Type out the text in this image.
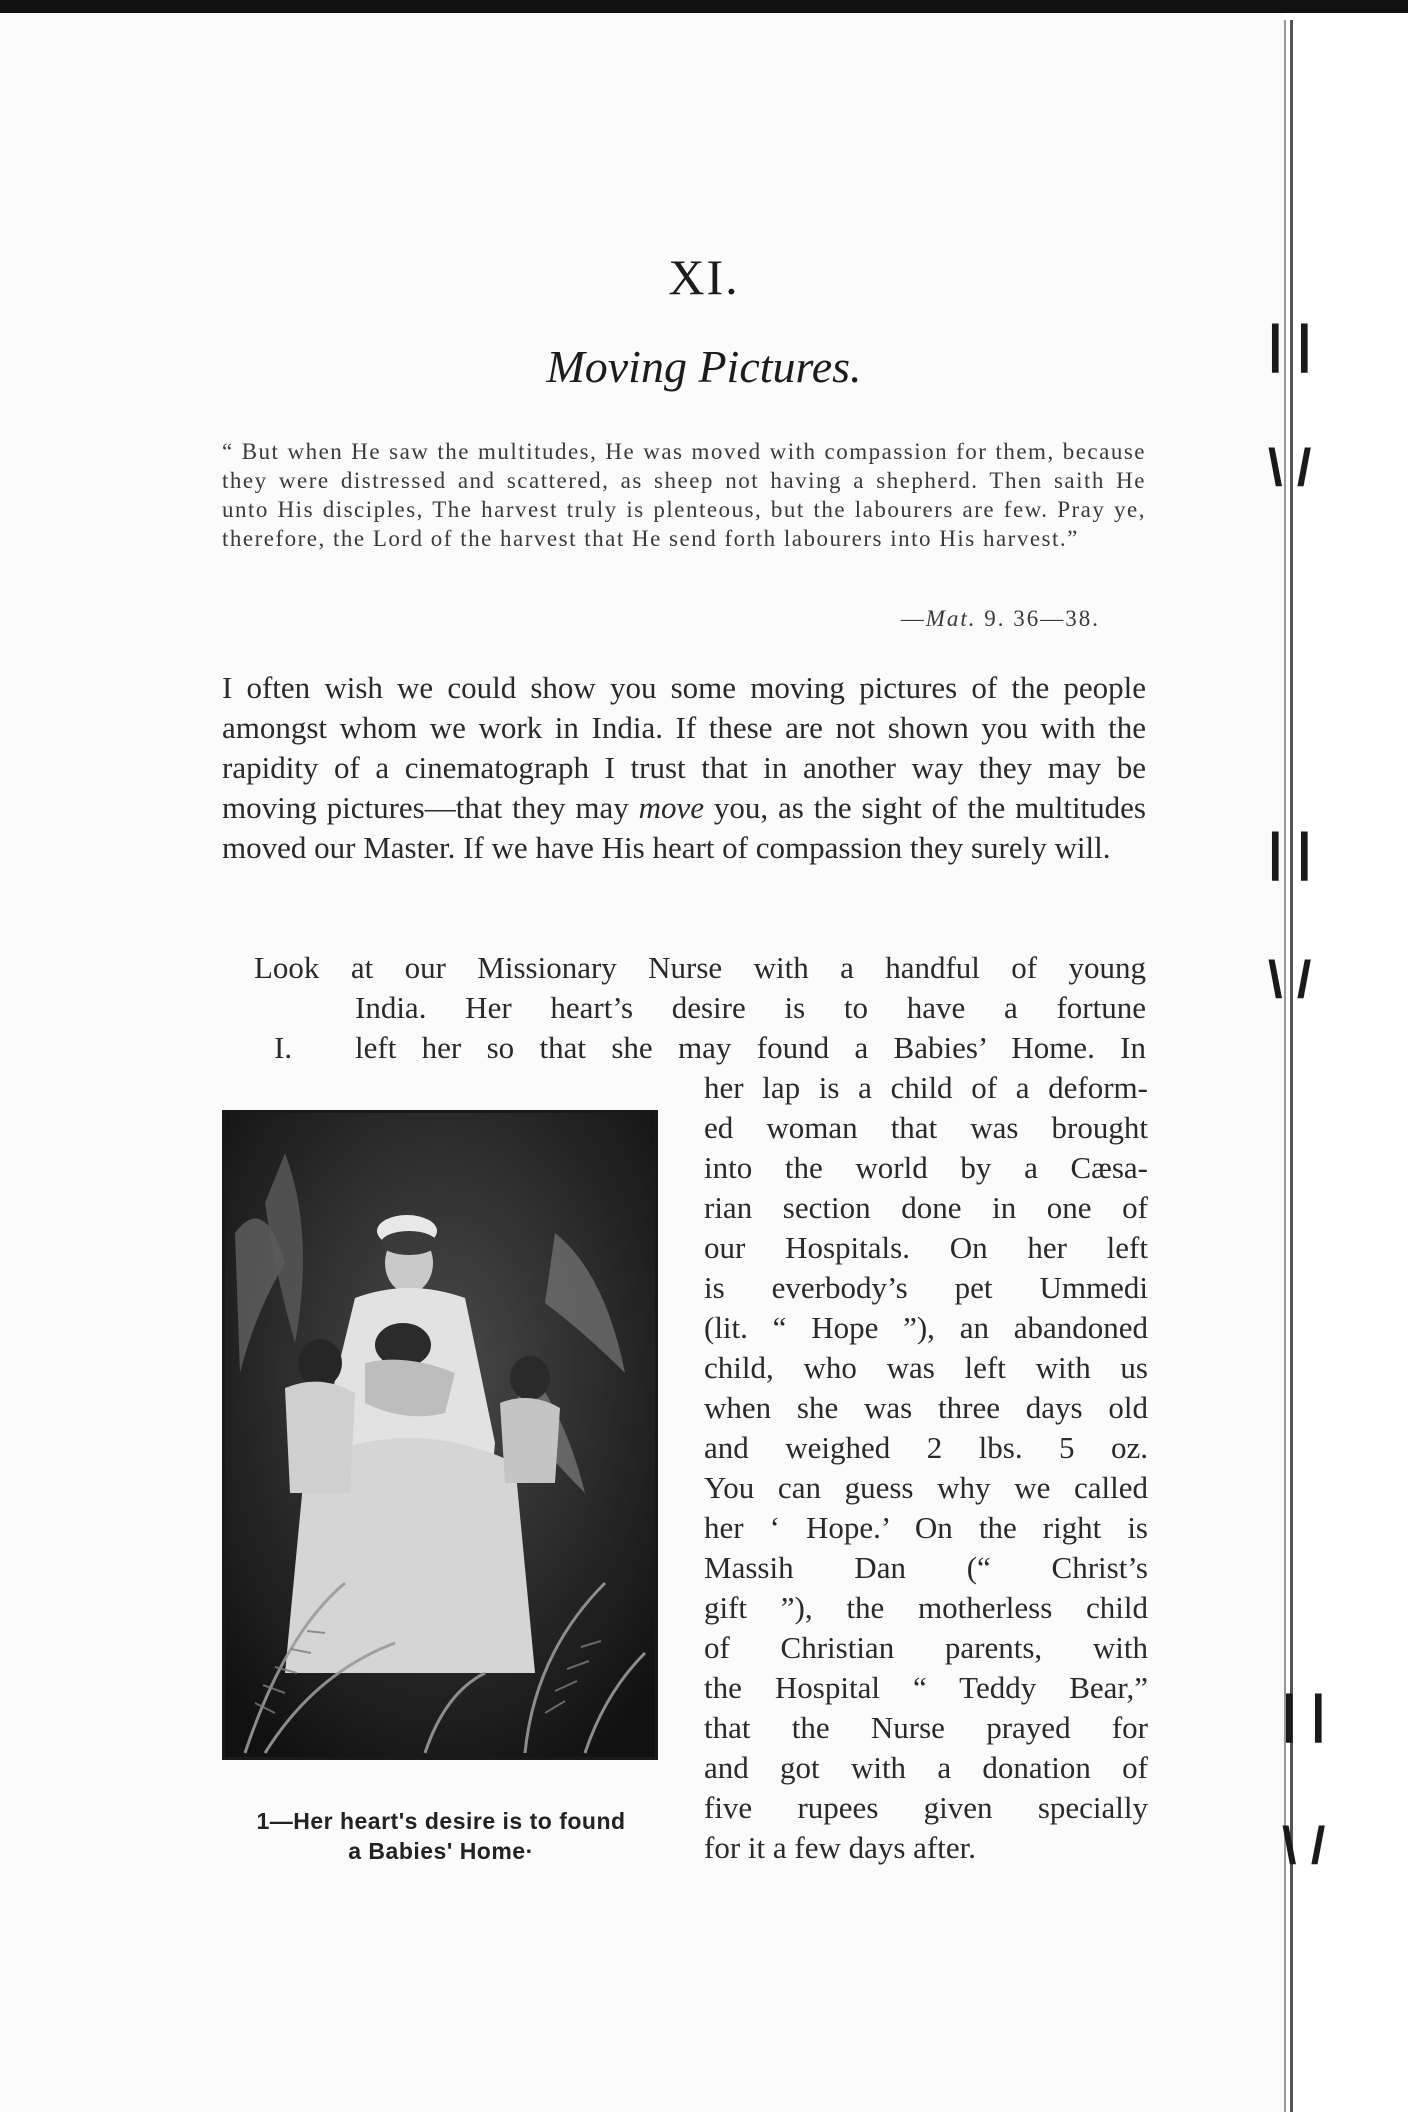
| |
\ /
| |
\ /
| |
\ /
XI.
Moving Pictures.
“ But when He saw the multitudes, He was moved with compassion for them, because they were distressed and scattered, as sheep not having a shepherd. Then saith He unto His disciples, The harvest truly is plenteous, but the labourers are few. Pray ye, therefore, the Lord of the harvest that He send forth labourers into His harvest.”
—Mat. 9. 36—38.
I often wish we could show you some moving pictures of the people amongst whom we work in India. If these are not shown you with the rapidity of a cinematograph I trust that in another way they may be moving pictures—that they may move you, as the sight of the multitudes moved our Master. If we have His heart of compassion they surely will.
Look at our Missionary Nurse with a handful of young
India. Her heart’s desire is to have a fortune
I. left her so that she may found a Babies’ Home. In
1—Her heart's desire is to found
a Babies' Home·
her lap is a child of a deform-
ed woman that was brought
into the world by a Cæsa-
rian section done in one of
our Hospitals. On her left
is everbody’s pet Ummedi
(lit. “ Hope ”), an abandoned
child, who was left with us
when she was three days old
and weighed 2 lbs. 5 oz.
You can guess why we called
her ‘ Hope.’ On the right is
Massih Dan (“ Christ’s
gift ”), the motherless child
of Christian parents, with
the Hospital “ Teddy Bear,”
that the Nurse prayed for
and got with a donation of
five rupees given specially
for it a few days after.
